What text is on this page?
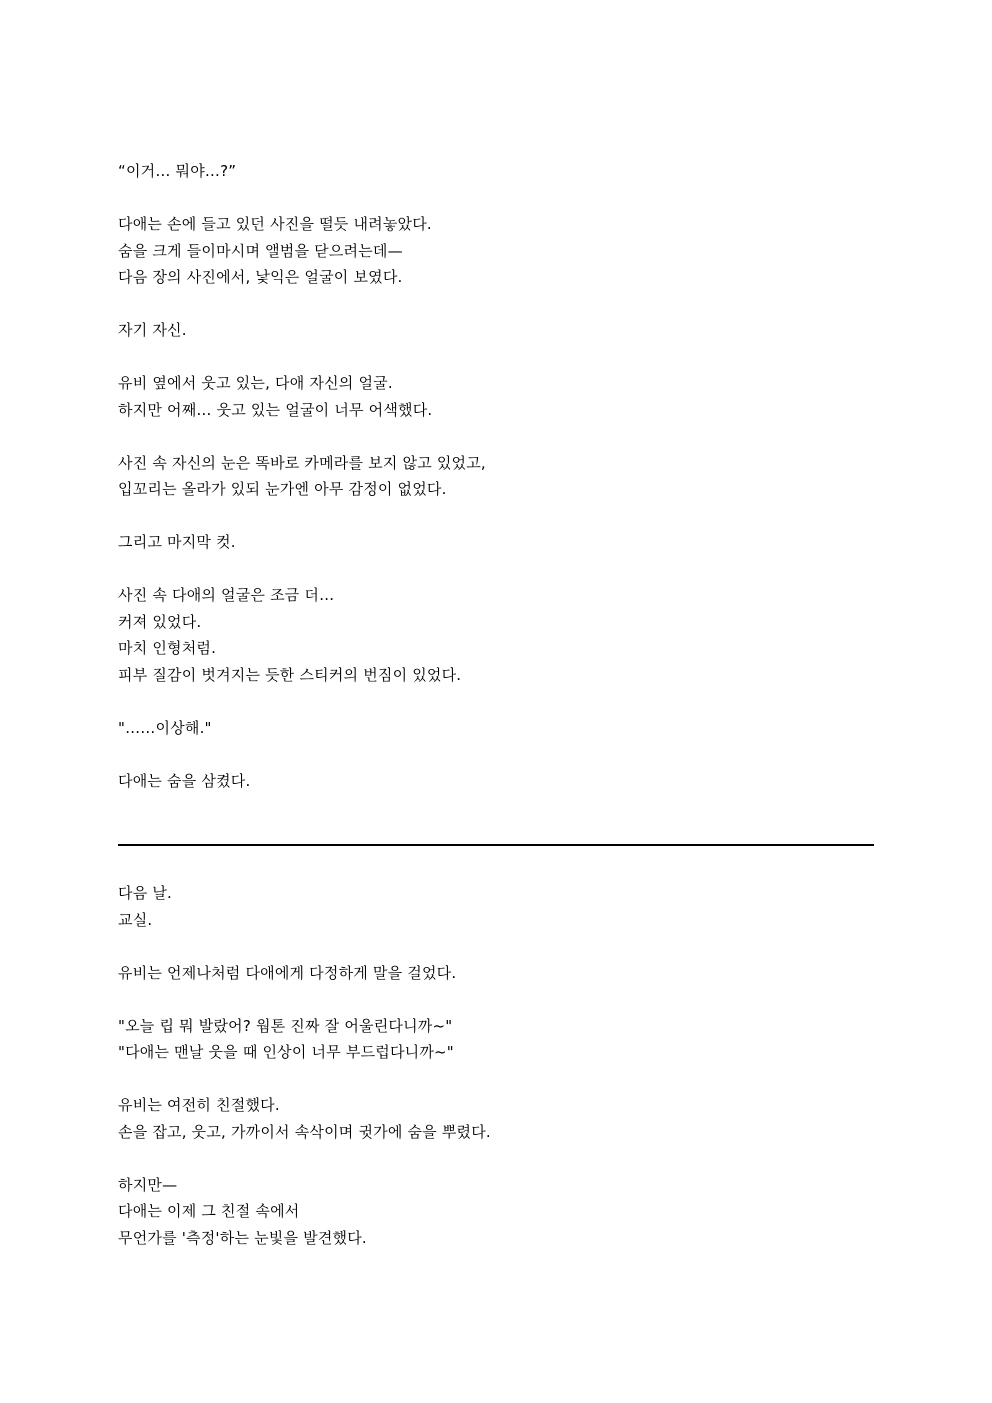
“이거… 뭐야…?”
다애는 손에 들고 있던 사진을 떨듯 내려놓았다.
숨을 크게 들이마시며 앨범을 닫으려는데—
다음 장의 사진에서, 낯익은 얼굴이 보였다.
자기 자신.
유비 옆에서 웃고 있는, 다애 자신의 얼굴.
하지만 어째… 웃고 있는 얼굴이 너무 어색했다.
사진 속 자신의 눈은 똑바로 카메라를 보지 않고 있었고,
입꼬리는 올라가 있되 눈가엔 아무 감정이 없었다.
그리고 마지막 컷.
사진 속 다애의 얼굴은 조금 더…
커져 있었다.
마치 인형처럼.
피부 질감이 벗겨지는 듯한 스티커의 번짐이 있었다.
"……이상해."
다애는 숨을 삼켰다.
다음 날.
교실.
유비는 언제나처럼 다애에게 다정하게 말을 걸었다.
"오늘 립 뭐 발랐어? 웜톤 진짜 잘 어울린다니까~"
"다애는 맨날 웃을 때 인상이 너무 부드럽다니까~"
유비는 여전히 친절했다.
손을 잡고, 웃고, 가까이서 속삭이며 귓가에 숨을 뿌렸다.
하지만—
다애는 이제 그 친절 속에서
무언가를 '측정'하는 눈빛을 발견했다.
